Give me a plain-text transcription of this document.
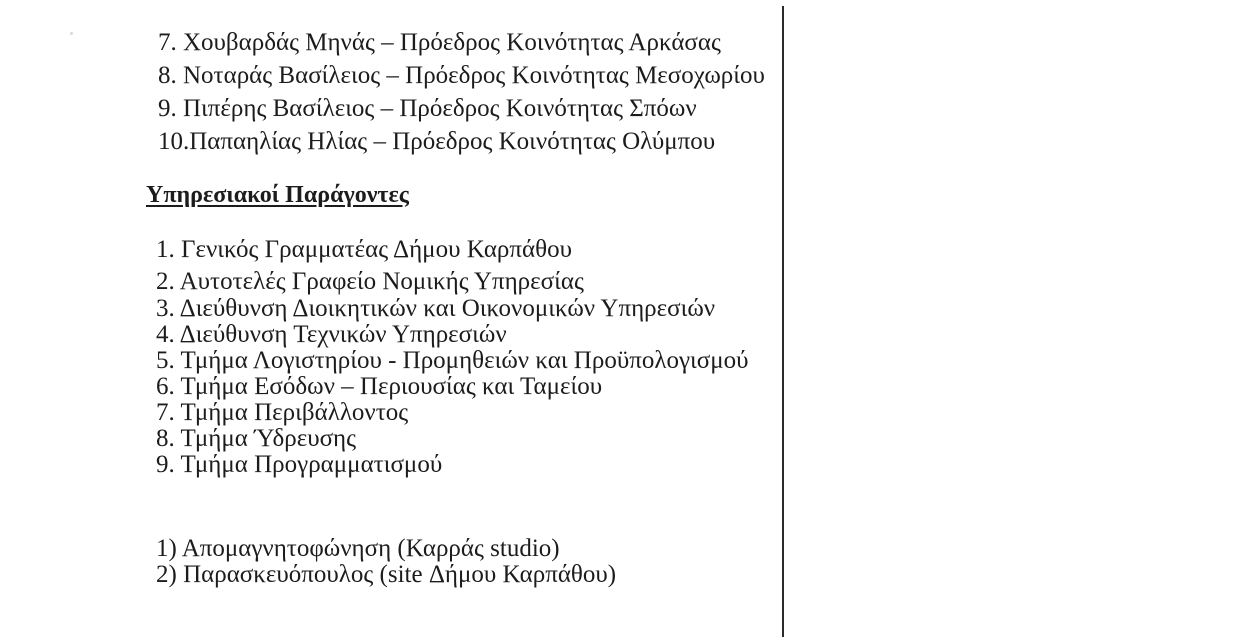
7. Χουβαρδάς Μηνάς – Πρόεδρος Κοινότητας Αρκάσας
8. Νοταράς Βασίλειος – Πρόεδρος Κοινότητας Μεσοχωρίου
9. Πιπέρης Βασίλειος – Πρόεδρος Κοινότητας Σπόων
10.Παπαηλίας Ηλίας – Πρόεδρος Κοινότητας Ολύμπου
Υπηρεσιακοί Παράγοντες
1. Γενικός Γραμματέας Δήμου Καρπάθου
2. Αυτοτελές Γραφείο Νομικής Υπηρεσίας
3. Διεύθυνση Διοικητικών και Οικονομικών Υπηρεσιών
4. Διεύθυνση Τεχνικών Υπηρεσιών
5. Τμήμα Λογιστηρίου - Προμηθειών και Προϋπολογισμού
6. Τμήμα Εσόδων – Περιουσίας και Ταμείου
7. Τμήμα Περιβάλλοντος
8. Τμήμα Ύδρευσης
9. Τμήμα Προγραμματισμού
1) Απομαγνητοφώνηση (Καρράς studio)
2) Παρασκευόπουλος (site Δήμου Καρπάθου)
